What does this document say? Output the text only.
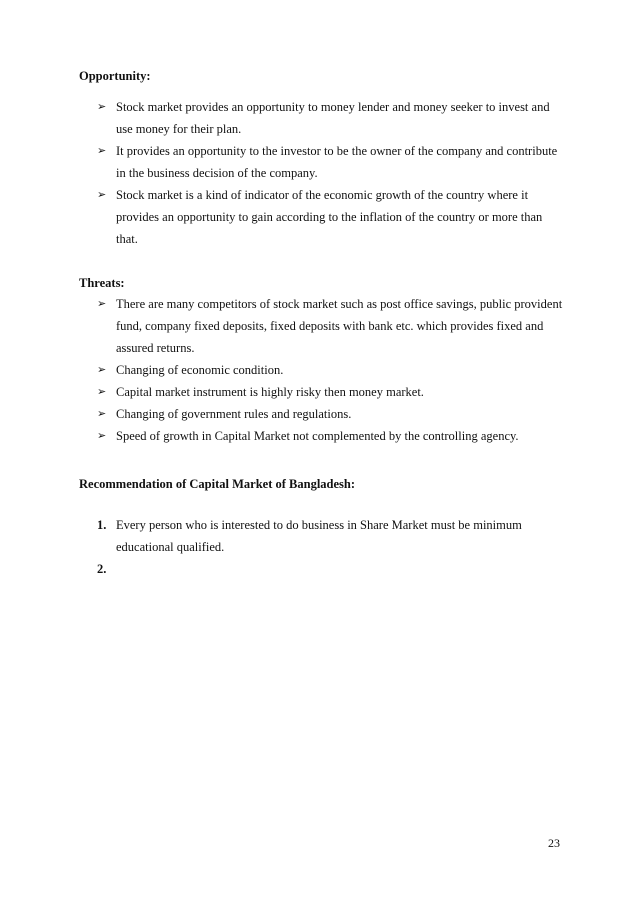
Opportunity:
➢ Stock market provides an opportunity to money lender and money seeker to invest and use money for their plan.
➢ It provides an opportunity to the investor to be the owner of the company and contribute in the business decision of the company.
➢ Stock market is a kind of indicator of the economic growth of the country where it provides an opportunity to gain according to the inflation of the country or more than that.
Threats:
➢ There are many competitors of stock market such as post office savings, public provident fund, company fixed deposits, fixed deposits with bank etc. which provides fixed and assured returns.
➢ Changing of economic condition.
➢ Capital market instrument is highly risky then money market.
➢ Changing of government rules and regulations.
➢ Speed of growth in Capital Market not complemented by the controlling agency.
Recommendation of Capital Market of Bangladesh:
1. Every person who is interested to do business in Share Market must be minimum educational qualified.
2.
23
